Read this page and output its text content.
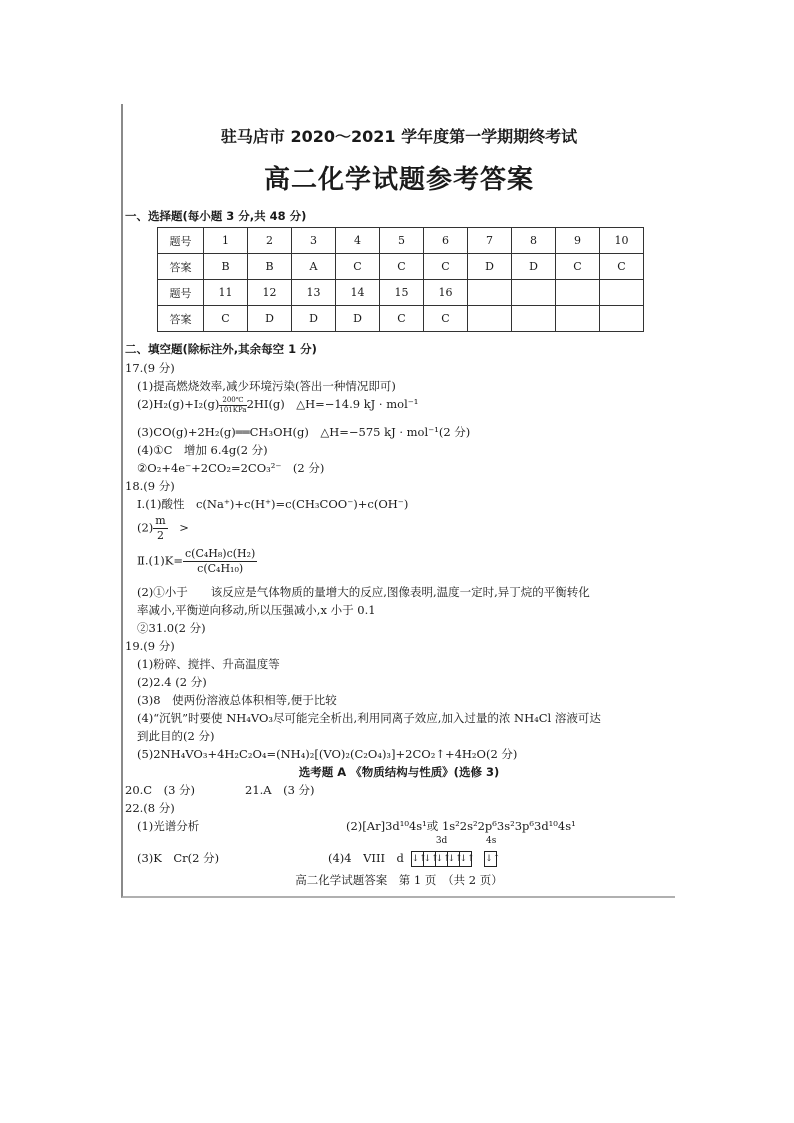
驻马店市 2020～2021 学年度第一学期期终考试
高二化学试题参考答案
一、选择题(每小题 3 分,共 48 分)
题号	1	2	3	4	5	6	7	8	9	10
答案	B	B	A	C	C	C	D	D	C	C
题号	11	12	13	14	15	16				
答案	C	D	D	D	C	C				
二、填空题(除标注外,其余每空 1 分)
17.(9 分)
(1)提高燃烧效率,减少环境污染(答出一种情况即可)
$(2)H_2(g)+I_2(g) \frac{200℃}{\text{101KPa}} 2HI(g)$　△H=−14.9 kJ · mol⁻¹
(3)CO(g)+2H₂(g)══CH₃OH(g)　△H=−575 kJ · mol⁻¹(2 分)
(4)①C　增加 6.4g(2 分)
②O₂+4e⁻+2CO₂=2CO₃²⁻　(2 分)
18.(9 分)
Ⅰ.(1)酸性　c(Na⁺)+c(H⁺)=c(CH₃COO⁻)+c(OH⁻)
$(2) \frac{m}{2}$ 　>
Ⅱ.(1)K= $\frac{\text{c(C₄H₈)c(H₂)}}{\text{c(C₄H₁₀)}}$
(2)①小于　　该反应是气体物质的量增大的反应,图像表明,温度一定时,异丁烷的平衡转化
率减小,平衡逆向移动,所以压强减小,x 小于 0.1
②31.0(2 分)
19.(9 分)
(1)粉碎、搅拌、升高温度等
(2)2.4 (2 分)
(3)8　使两份溶液总体积相等,便于比较
(4)“沉钒”时要使 NH₄VO₃尽可能完全析出,利用同离子效应,加入过量的浓 NH₄Cl 溶液可达
到此目的(2 分)
(5)2NH₄VO₃+4H₂C₂O₄=(NH₄)₂[(VO)₂(C₂O₄)₃]+2CO₂↑+4H₂O(2 分)
选考题 A 《物质结构与性质》(选修 3)
20.C　(3 分)	21.A　(3 分)
22.(8 分)
(1)光谱分析	(2)[Ar]3d¹⁰4s¹或 1s²2s²2p⁶3s²3p⁶3d¹⁰4s¹
(3)K　Cr(2 分)	(4)4　VIII　d
3d
↓↑↓↑↓↑↓↑↓↑
4s
↓↑
高二化学试题答案　第 1 页　（共 2 页）
